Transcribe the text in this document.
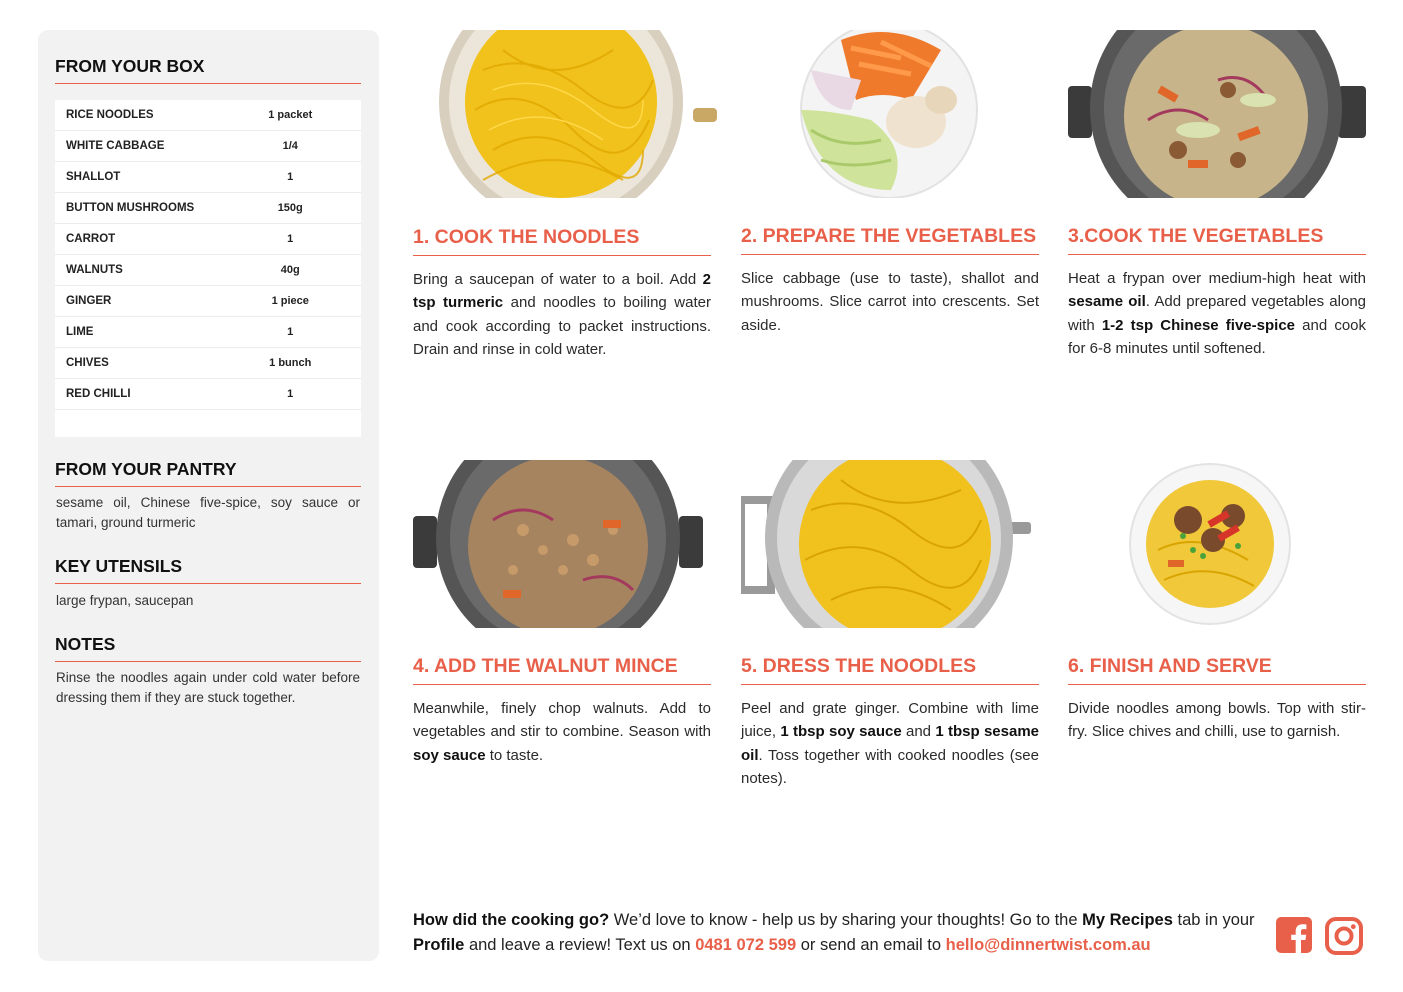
FROM YOUR BOX
RICE NOODLES	1 packet
WHITE CABBAGE	1/4
SHALLOT	1
BUTTON MUSHROOMS	150g
CARROT	1
WALNUTS	40g
GINGER	1 piece
LIME	1
CHIVES	1 bunch
RED CHILLI	1
FROM YOUR PANTRY
sesame oil, Chinese five-spice, soy sauce or tamari, ground turmeric
KEY UTENSILS
large frypan, saucepan
NOTES
Rinse the noodles again under cold water before dressing them if they are stuck together.
1. COOK THE NOODLES
Bring a saucepan of water to a boil. Add 2 tsp turmeric and noodles to boiling water and cook according to packet instructions. Drain and rinse in cold water.
2. PREPARE THE VEGETABLES
Slice cabbage (use to taste), shallot and mushrooms. Slice carrot into crescents. Set aside.
3.COOK THE VEGETABLES
Heat a frypan over medium-high heat with sesame oil. Add prepared vegetables along with 1-2 tsp Chinese five-spice and cook for 6-8 minutes until softened.
4. ADD THE WALNUT MINCE
Meanwhile, finely chop walnuts. Add to vegetables and stir to combine. Season with soy sauce to taste.
5. DRESS THE NOODLES
Peel and grate ginger. Combine with lime juice, 1 tbsp soy sauce and 1 tbsp sesame oil. Toss together with cooked noodles (see notes).
6. FINISH AND SERVE
Divide noodles among bowls. Top with stir-fry. Slice chives and chilli, use to garnish.
How did the cooking go? We’d love to know - help us by sharing your thoughts! Go to the My Recipes tab in your Profile and leave a review! Text us on 0481 072 599 or send an email to hello@dinnertwist.com.au
